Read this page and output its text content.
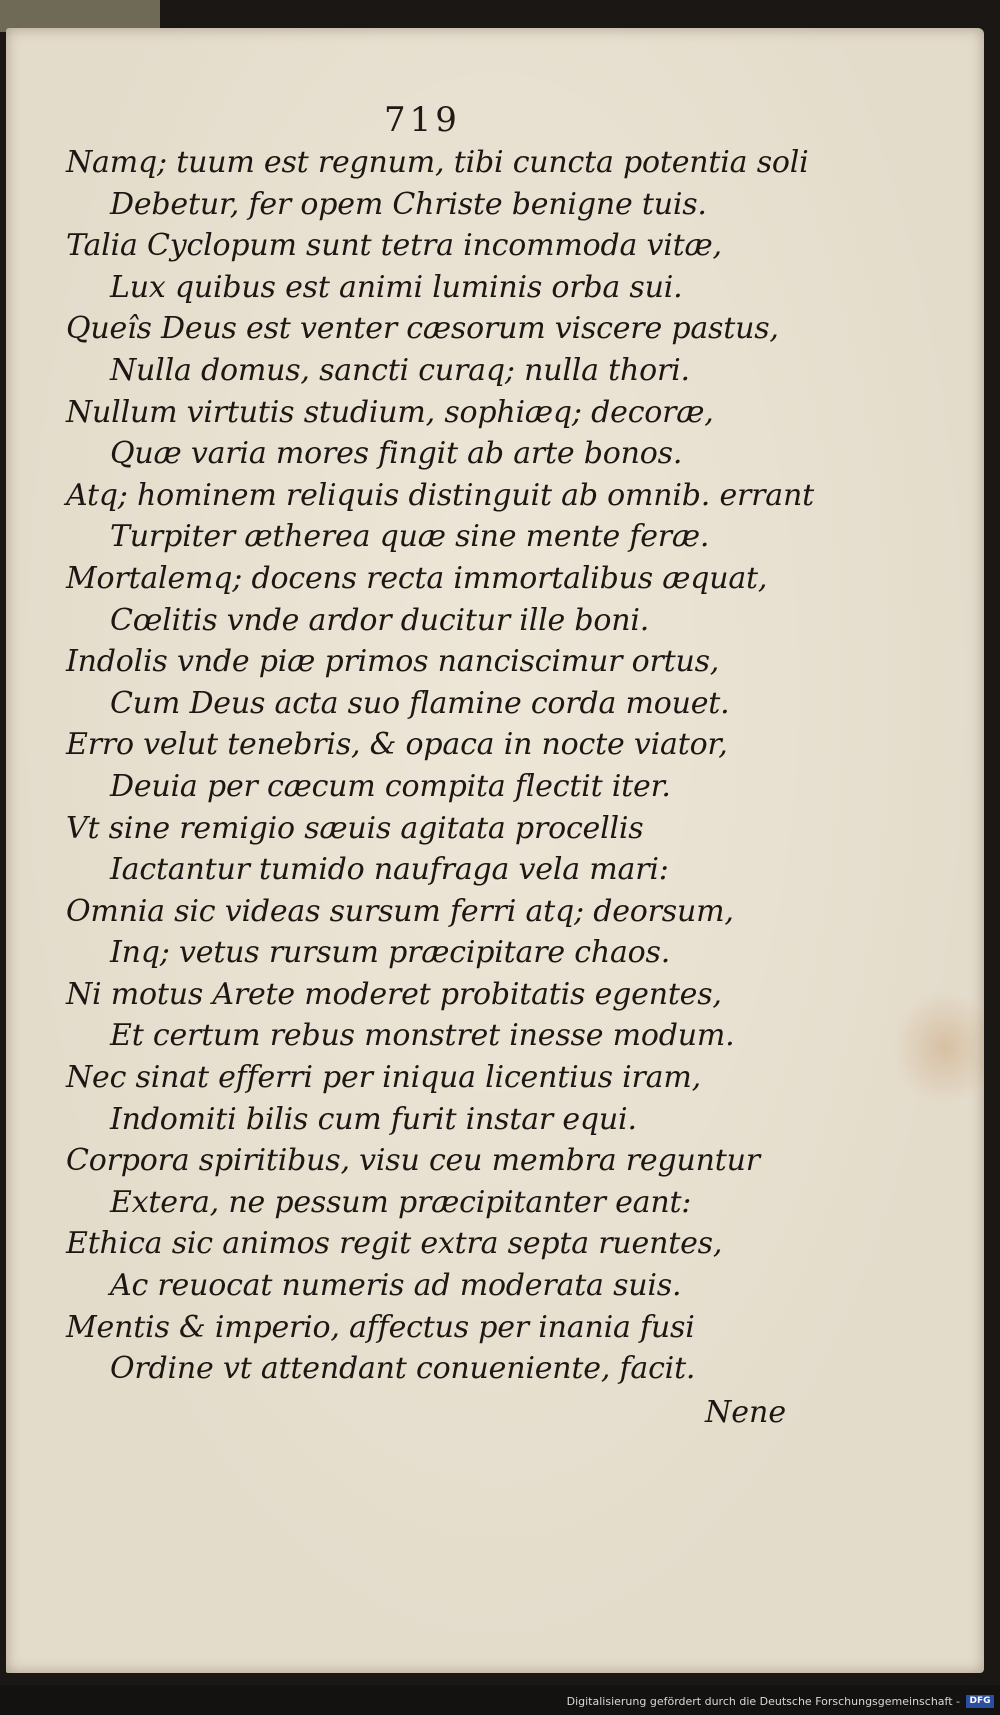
719
Namq; tuum est regnum, tibi cuncta potentia soli
Debetur, fer opem Christe benigne tuis.
Talia Cyclopum sunt tetra incommoda vitæ,
Lux quibus est animi luminis orba sui.
Queîs Deus est venter cæsorum viscere pastus,
Nulla domus, sancti curaq; nulla thori.
Nullum virtutis studium, sophiæq; decoræ,
Quæ varia mores fingit ab arte bonos.
Atq; hominem reliquis distinguit ab omnib. errant
Turpiter ætherea quæ sine mente feræ.
Mortalemq; docens recta immortalibus æquat,
Cœlitis vnde ardor ducitur ille boni.
Indolis vnde piæ primos nanciscimur ortus,
Cum Deus acta suo flamine corda mouet.
Erro velut tenebris, & opaca in nocte viator,
Deuia per cæcum compita flectit iter.
Vt sine remigio sæuis agitata procellis
Iactantur tumido naufraga vela mari:
Omnia sic videas sursum ferri atq; deorsum,
Inq; vetus rursum præcipitare chaos.
Ni motus Arete moderet probitatis egentes,
Et certum rebus monstret inesse modum.
Nec sinat efferri per iniqua licentius iram,
Indomiti bilis cum furit instar equi.
Corpora spiritibus, visu ceu membra reguntur
Extera, ne pessum præcipitanter eant:
Ethica sic animos regit extra septa ruentes,
Ac reuocat numeris ad moderata suis.
Mentis & imperio, affectus per inania fusi
Ordine vt attendant conueniente, facit.
Nene
Digitalisierung gefördert durch die Deutsche Forschungsgemeinschaft -	DFG
